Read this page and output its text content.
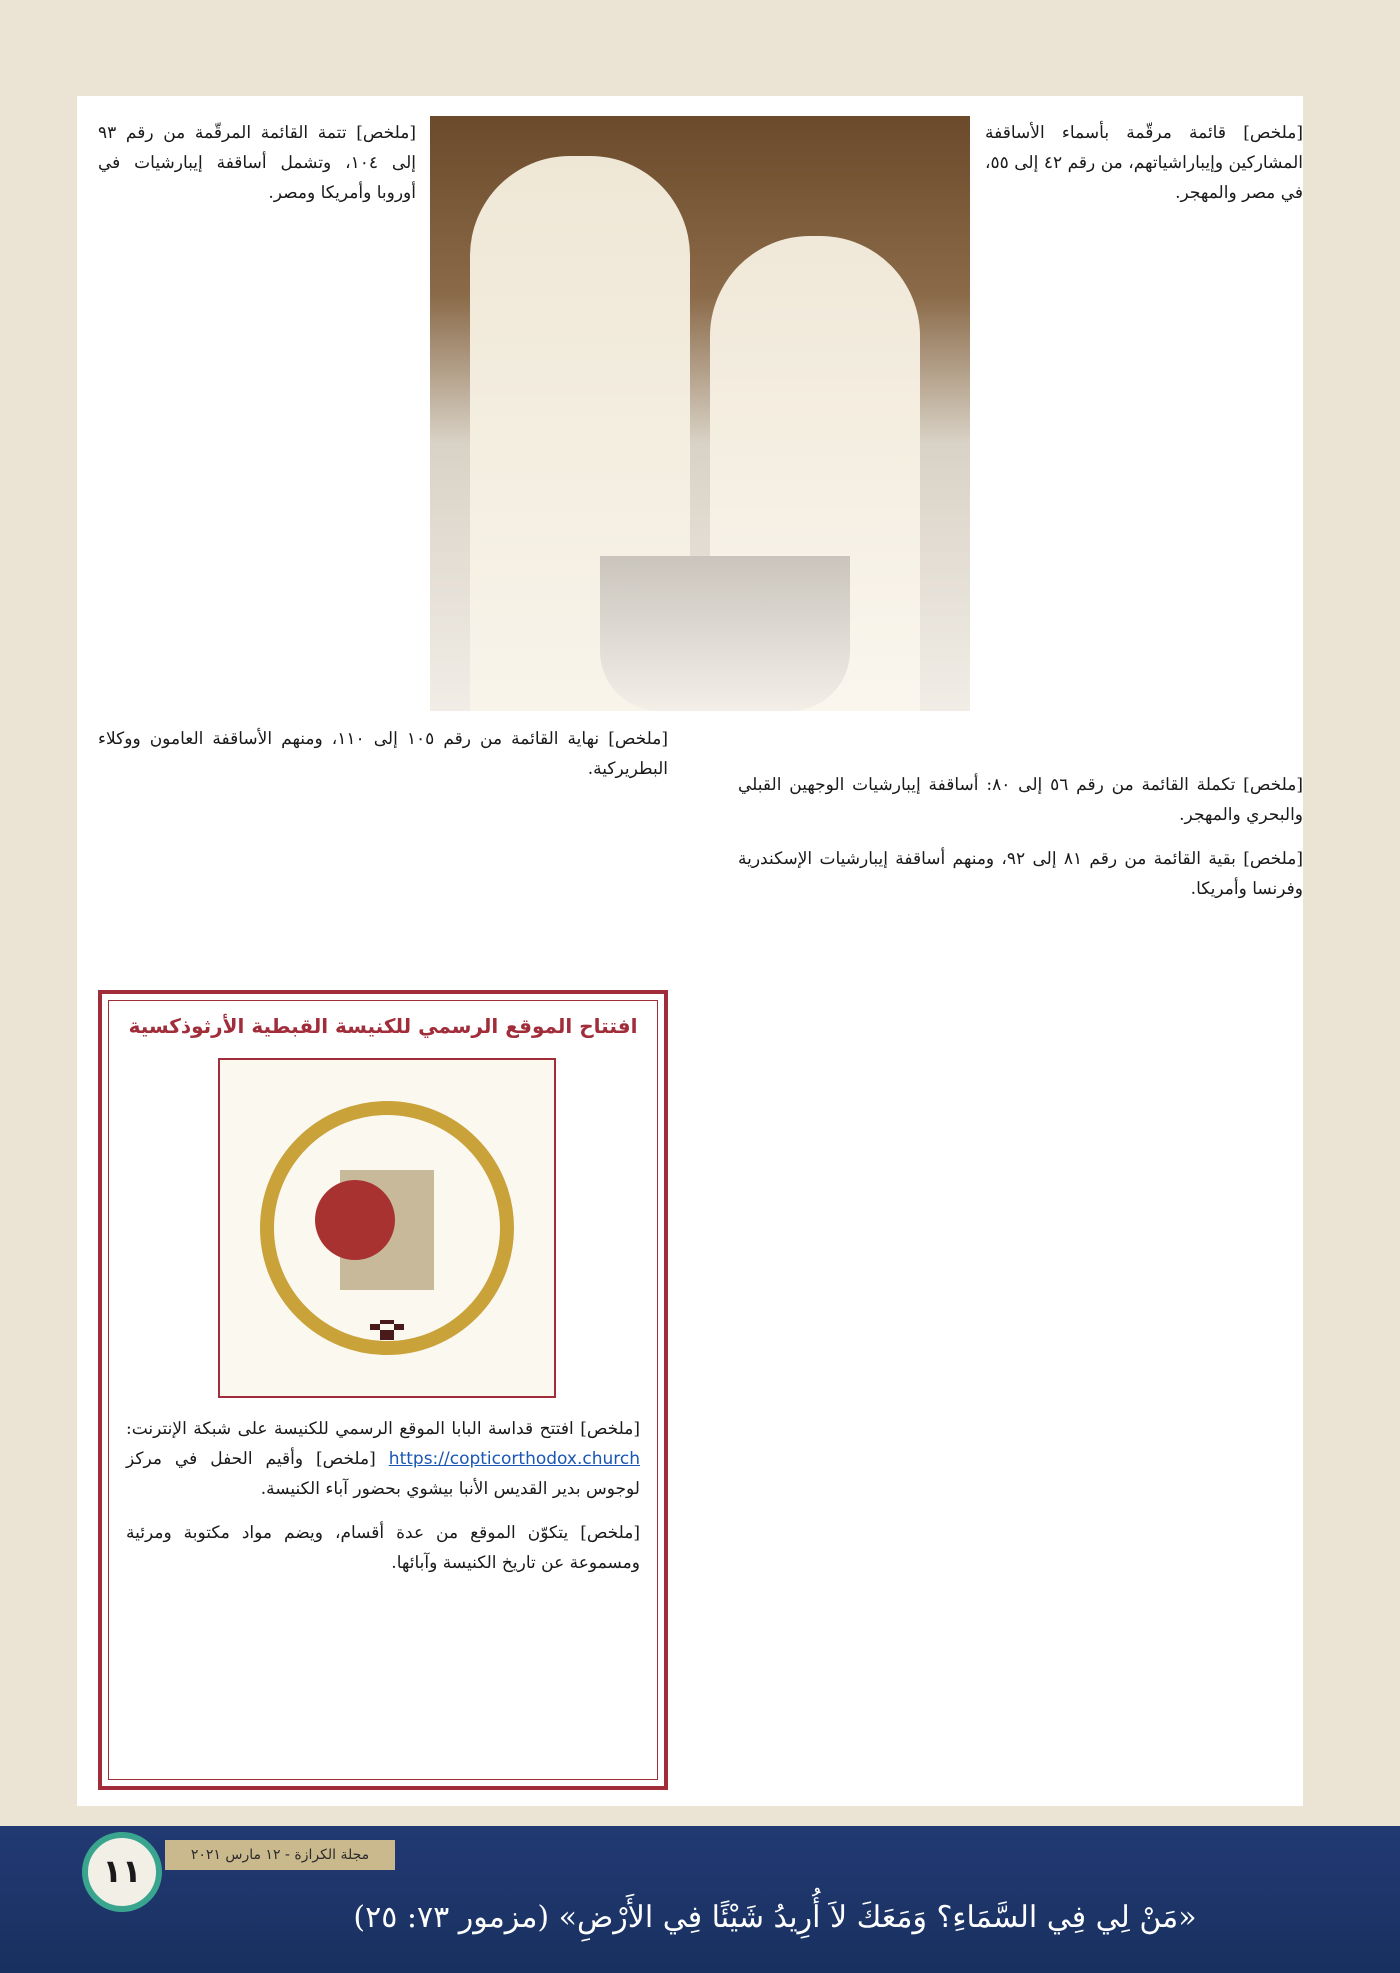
[ملخص] قائمة مرقّمة بأسماء الأساقفة المشاركين وإيباراشياتهم، من رقم ٤٢ إلى ٥٥، في مصر والمهجر.

[ملخص] تتمة القائمة المرقّمة من رقم ٩٣ إلى ١٠٤، وتشمل أساقفة إيبارشيات في أوروبا وأمريكا ومصر.

[ملخص] نهاية القائمة من رقم ١٠٥ إلى ١١٠، ومنهم الأساقفة العامون ووكلاء البطريركية.

[ملخص] تكملة القائمة من رقم ٥٦ إلى ٨٠: أساقفة إيبارشيات الوجهين القبلي والبحري والمهجر.

[ملخص] بقية القائمة من رقم ٨١ إلى ٩٢، ومنهم أساقفة إيبارشيات الإسكندرية وفرنسا وأمريكا.

افتتاح الموقع الرسمي للكنيسة القبطية الأرثوذكسية

[ملخص] افتتح قداسة البابا الموقع الرسمي للكنيسة على شبكة الإنترنت: https://copticorthodox.church [ملخص] وأقيم الحفل في مركز لوجوس بدير القديس الأنبا بيشوي بحضور آباء الكنيسة.

[ملخص] يتكوّن الموقع من عدة أقسام، ويضم مواد مكتوبة ومرئية ومسموعة عن تاريخ الكنيسة وآبائها.

مجلة الكرازة - ١٢ مارس ٢٠٢١
١١
«مَنْ لِي فِي السَّمَاءِ؟ وَمَعَكَ لاَ أُرِيدُ شَيْئًا فِي الأَرْضِ» (مزمور ٧٣: ٢٥)
